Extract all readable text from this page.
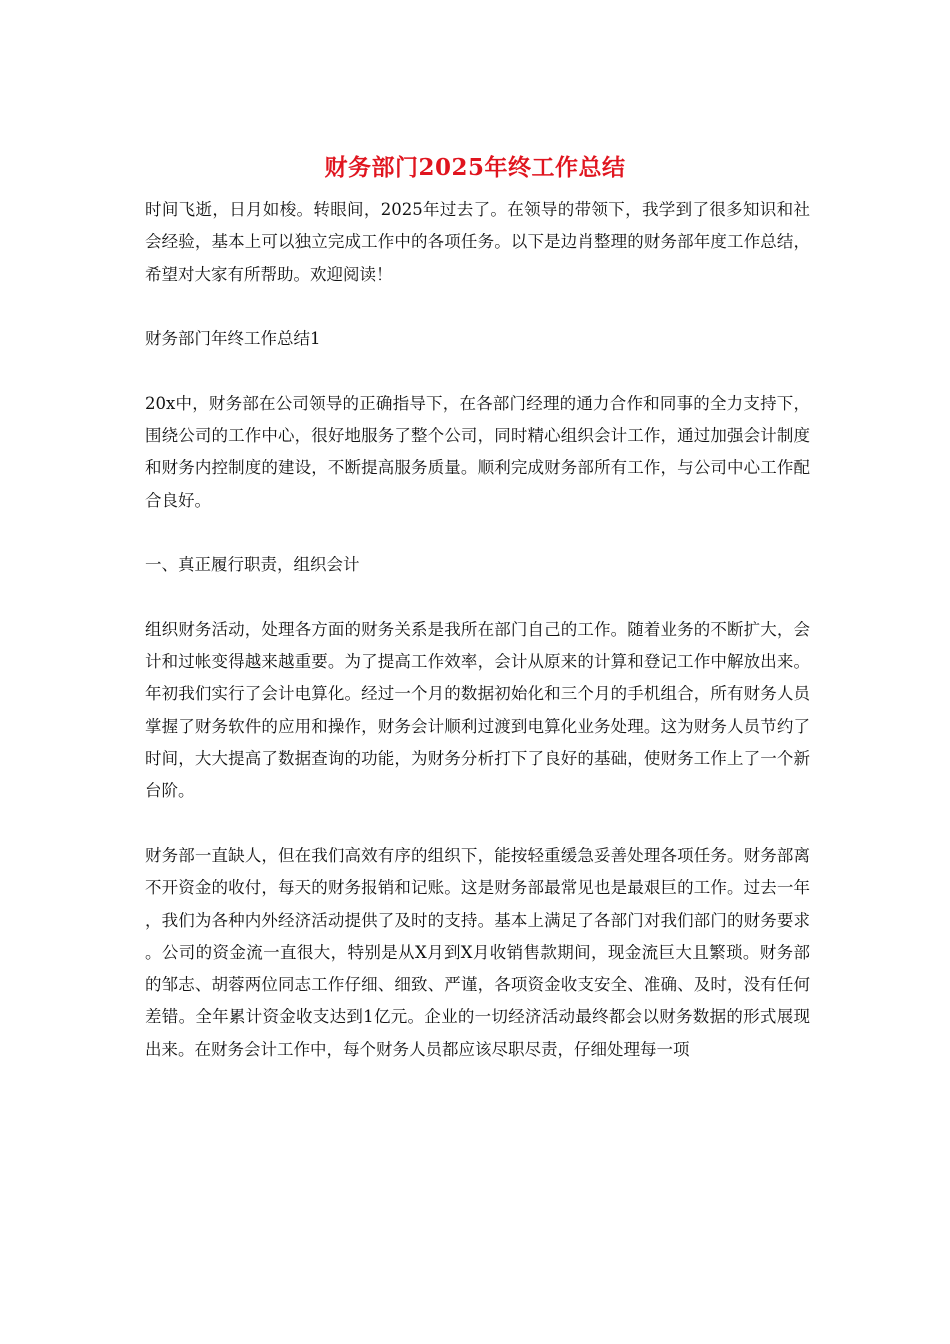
财务部门2025年终工作总结

时间飞逝，日月如梭。转眼间，2025年过去了。在领导的带领下，我学到了很多知识和社会经验，基本上可以独立完成工作中的各项任务。以下是边肖整理的财务部年度工作总结，希望对大家有所帮助。欢迎阅读！

财务部门年终工作总结1

20x中，财务部在公司领导的正确指导下，在各部门经理的通力合作和同事的全力支持下，围绕公司的工作中心，很好地服务了整个公司，同时精心组织会计工作，通过加强会计制度和财务内控制度的建设，不断提高服务质量。顺利完成财务部所有工作，与公司中心工作配合良好。

一、真正履行职责，组织会计

组织财务活动，处理各方面的财务关系是我所在部门自己的工作。随着业务的不断扩大，会计和过帐变得越来越重要。为了提高工作效率，会计从原来的计算和登记工作中解放出来。年初我们实行了会计电算化。经过一个月的数据初始化和三个月的手机组合，所有财务人员掌握了财务软件的应用和操作，财务会计顺利过渡到电算化业务处理。这为财务人员节约了时间，大大提高了数据查询的功能，为财务分析打下了良好的基础，使财务工作上了一个新台阶。

财务部一直缺人，但在我们高效有序的组织下，能按轻重缓急妥善处理各项任务。财务部离不开资金的收付，每天的财务报销和记账。这是财务部最常见也是最艰巨的工作。过去一年，我们为各种内外经济活动提供了及时的支持。基本上满足了各部门对我们部门的财务要求。公司的资金流一直很大，特别是从X月到X月收销售款期间，现金流巨大且繁琐。财务部的邹志、胡蓉两位同志工作仔细、细致、严谨，各项资金收支安全、准确、及时，没有任何差错。全年累计资金收支达到1亿元。企业的一切经济活动最终都会以财务数据的形式展现出来。在财务会计工作中，每个财务人员都应该尽职尽责，仔细处理每一项
